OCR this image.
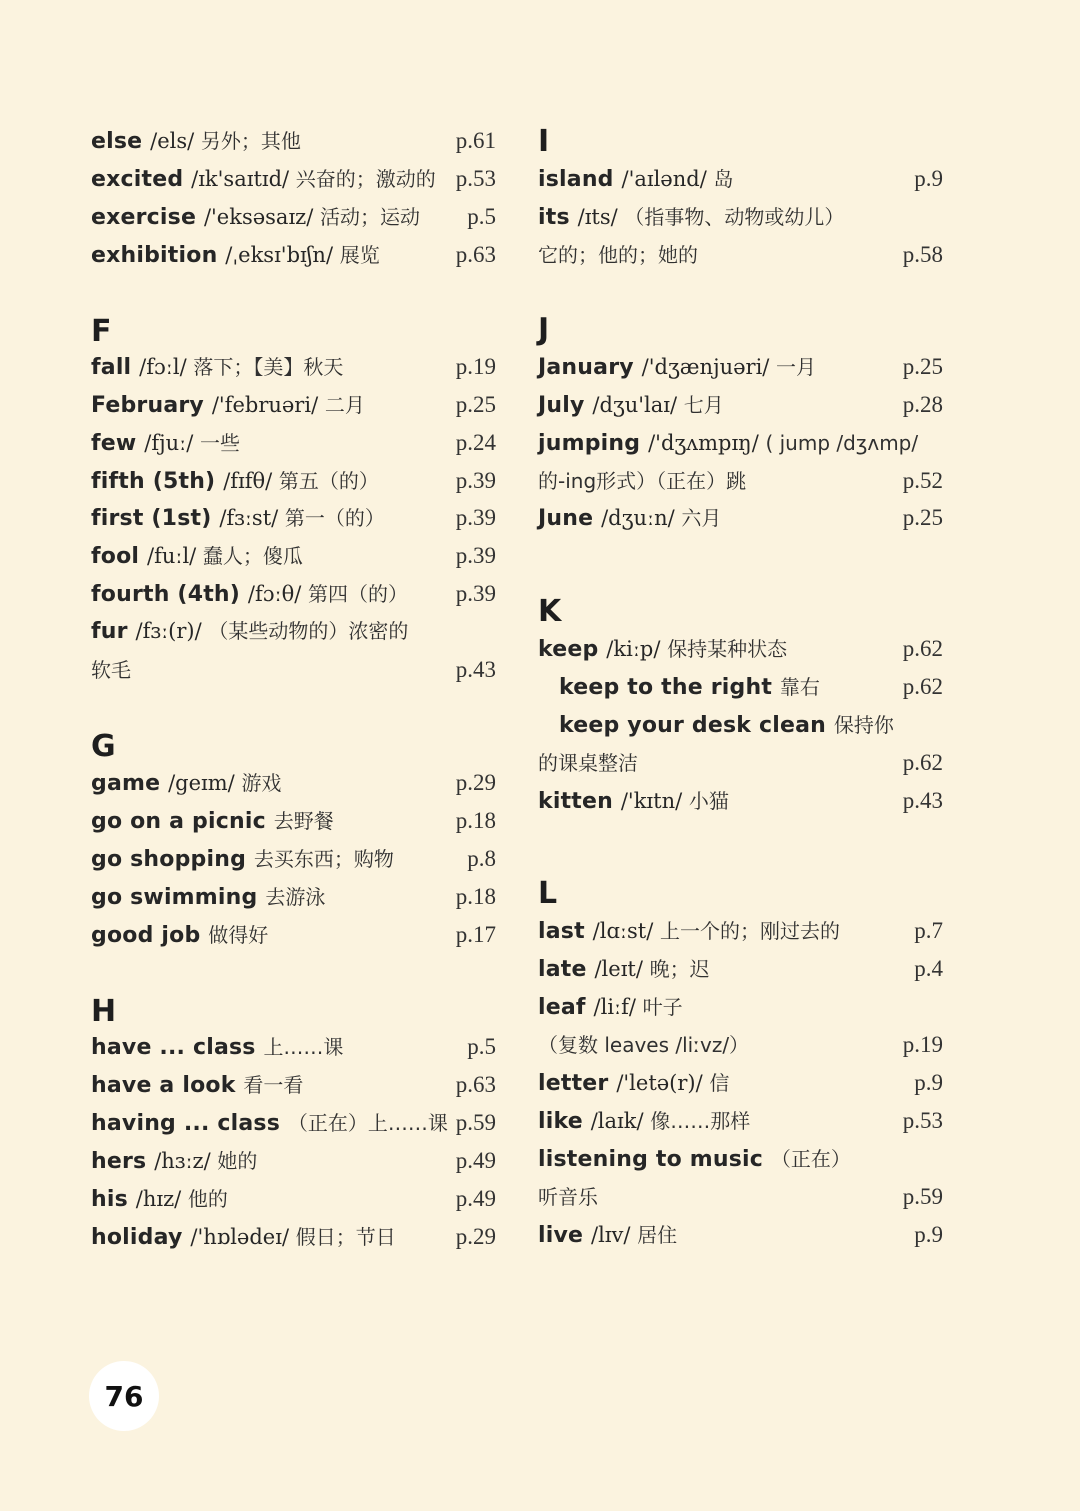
else /els/ 另外；其他	p.61
excited /ɪk'saɪtɪd/ 兴奋的；激动的 p.53
exercise /'eksəsaɪz/ 活动；运动 p.5
exhibition /ˌeksɪ'bɪʃn/ 展览	p.63
F
fall /fɔːl/ 落下；【美】秋天	p.19
February /'februəri/ 二月	p.25
few /fjuː/ 一些	p.24
fifth (5th) /fɪfθ/ 第五（的）	p.39
first (1st) /fɜːst/ 第一（的）	p.39
fool /fuːl/ 蠢人；傻瓜	p.39
fourth (4th) /fɔːθ/ 第四（的） p.39
fur /fɜː(r)/ （某些动物的）浓密的
软毛	p.43
G
game /geɪm/ 游戏	p.29
go on a picnic 去野餐	p.18
go shopping 去买东西；购物	p.8
go swimming 去游泳	p.18
good job 做得好	p.17
H
have ... class 上……课	p.5
have a look 看一看	p.63
having ... class （正在）上……课 p.59
hers /hɜːz/ 她的	p.49
his /hɪz/ 他的	p.49
holiday /'hɒlədeɪ/ 假日；节日	p.29
I
island /'aɪlənd/ 岛	p.9
its /ɪts/ （指事物、动物或幼儿）
它的；他的；她的	p.58
J
January /'dʒænjuəri/ 一月	p.25
July /dʒu'laɪ/ 七月	p.28
jumping /'dʒʌmpɪŋ/ ( jump /dʒʌmp/
的-ing形式）（正在）跳	p.52
June /dʒuːn/ 六月	p.25
K
keep /kiːp/ 保持某种状态	p.62
keep to the right 靠右	p.62
keep your desk clean 保持你
的课桌整洁	p.62
kitten /'kɪtn/ 小猫	p.43
L
last /lɑːst/ 上一个的；刚过去的	p.7
late /leɪt/ 晚；迟	p.4
leaf /liːf/ 叶子
（复数 leaves /liːvz/）	p.19
letter /'letə(r)/ 信	p.9
like /laɪk/ 像……那样	p.53
listening to music （正在）
听音乐	p.59
live /lɪv/ 居住	p.9
76
